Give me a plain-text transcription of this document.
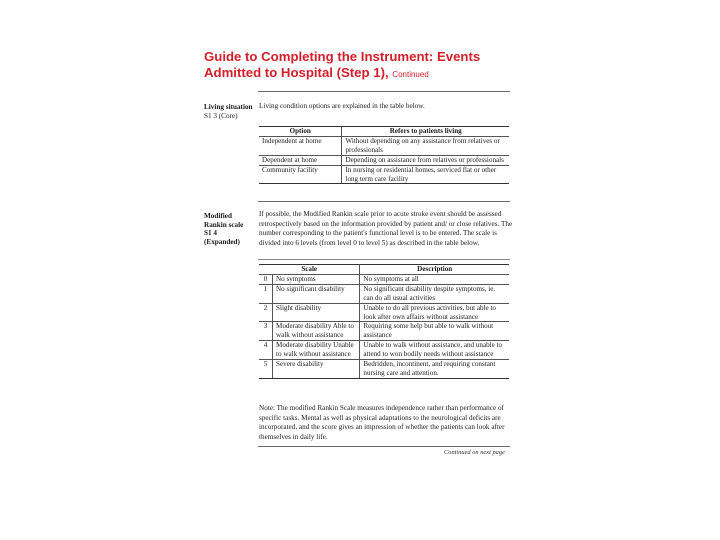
Guide to Completing the Instrument: Events Admitted to Hospital (Step 1), Continued
Living situation
S1 3 (Core)
Living condition options are explained in the table below.
Option	Refers to patients living
Independent at home	Without depending on any assistance from relatives or professionals
Dependent at home	Depending on assistance from relatives or professionals
Community facility	In nursing or residential homes, serviced flat or other long term care facility
Modified
Rankin scale
S1 4
(Expanded)
If possible, the Modified Rankin scale prior to acute stroke event should be assessed retrospectively based on the information provided by patient and/ or close relatives. The number corresponding to the patient's functional level is to be entered. The scale is divided into 6 levels (from level 0 to level 5) as described in the table below.
Scale		Description
0	No symptoms	No symptoms at all
1	No significant disability	No significant disability despite symptoms, ie. can do all usual activities
2	Slight disability	Unable to do all previous activities, but able to look after own affairs without assistance
3	Moderate disability Able to walk without assistance	Requiring some help but able to walk without assistance
4	Moderate disability Unable to walk without assistance	Unable to walk without assistance, and unable to attend to won bodily needs without assistance
5	Severe disability	Bedridden, incontinent, and requiring constant nursing care and attention.
Note: The modified Rankin Scale measures independence rather than performance of specific tasks. Mental as well as physical adaptations to the neurological deficits are incorporated, and the score gives an impression of whether the patients can look after themselves in daily life.
Continued on next page
